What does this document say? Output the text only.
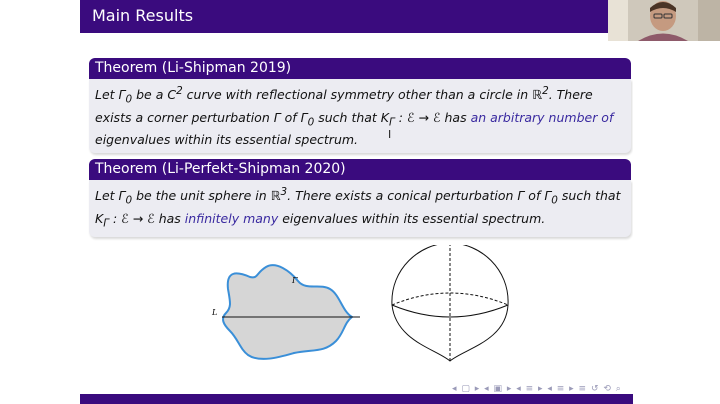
Main Results
Theorem (Li-Shipman 2019)
Let $\Gamma_0$ be a $C^2$ curve with reflectional symmetry other than a circle in ℝ$^2$. There exists a corner perturbation Γ of $\Gamma_0$ such that $K_\Gamma$ : ℰ → ℰ has an arbitrary number of eigenvalues within its essential spectrum.
Theorem (Li-Perfekt-Shipman 2020)
Let $\Gamma_0$ be the unit sphere in ℝ$^3$. There exists a conical perturbation Γ of $\Gamma_0$ such that $K_\Gamma$ : ℰ → ℰ has infinitely many eigenvalues within its essential spectrum.
I
L
Γ
◂ ▢ ▸ ◂ ▣ ▸ ◂ ≡ ▸ ◂ ≡ ▸ ≡ ↺ ⟲ ⌕
